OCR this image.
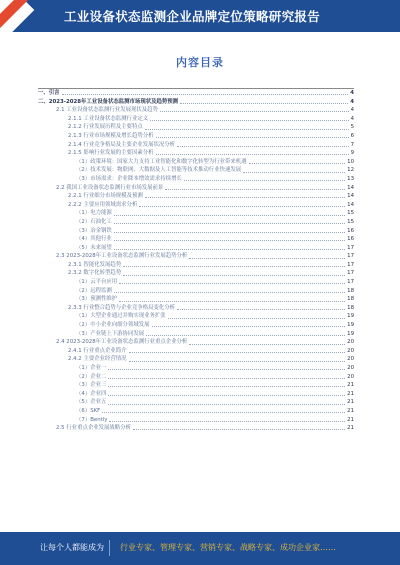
工业设备状态监测企业品牌定位策略研究报告
内容目录
一、引言	4
二、2023-2028年工业设备状态监测市场现状及趋势预测	4
2.1 工业设备状态监测行业发展现状及趋势	4
2.1.1 工业设备状态监测行业定义	4
2.1.2 行业发展历程及主要特点	5
2.1.3 行业市场规模及增长趋势分析	6
2.1.4 行业竞争格局及主要企业发展状况分析	7
2.1.5 影响行业发展的主要因素分析	9
（1）政策环境：国家大力支持工业智能化和数字化转型为行业带来机遇	10
（2）技术发展：物联网、大数据及人工智能等技术推动行业快速发展	12
（3）市场需求：企业降本增效需求持续增长	13
2.2 我国工业设备状态监测行业市场发展前景	14
2.2.1 行业细分市场规模及预测	14
2.2.2 主要应用领域需求分析	14
（1）电力能源	15
（2）石油化工	15
（3）冶金钢铁	16
（4）其他行业	16
（5）未来展望	17
2.3 2023-2028年工业设备状态监测行业发展趋势分析	17
2.3.1 智能化发展趋势	17
2.3.2 数字化转型趋势	17
（1）云平台应用	17
（2）远程监测	18
（3）预测性维护	18
2.3.3 行业整合趋势与企业竞争格局变化分析	18
（1）大型企业通过并购实现业务扩张	19
（2）中小企业向细分领域发展	19
（3）产业链上下游协同发展	19
2.4 2023-2028年工业设备状态监测行业重点企业分析	20
2.4.1 行业重点企业简介	20
2.4.2 主要企业经营情况	20
（1）企业一	20
（2）企业二	20
（3）企业三	21
（4）企业四	21
（5）企业五	21
（6）SKF	21
（7）Bently	21
2.5 行业重点企业发展战略分析	21
让每个人都能成为 行业专家、管理专家、营销专家、战略专家、成功企业家……
